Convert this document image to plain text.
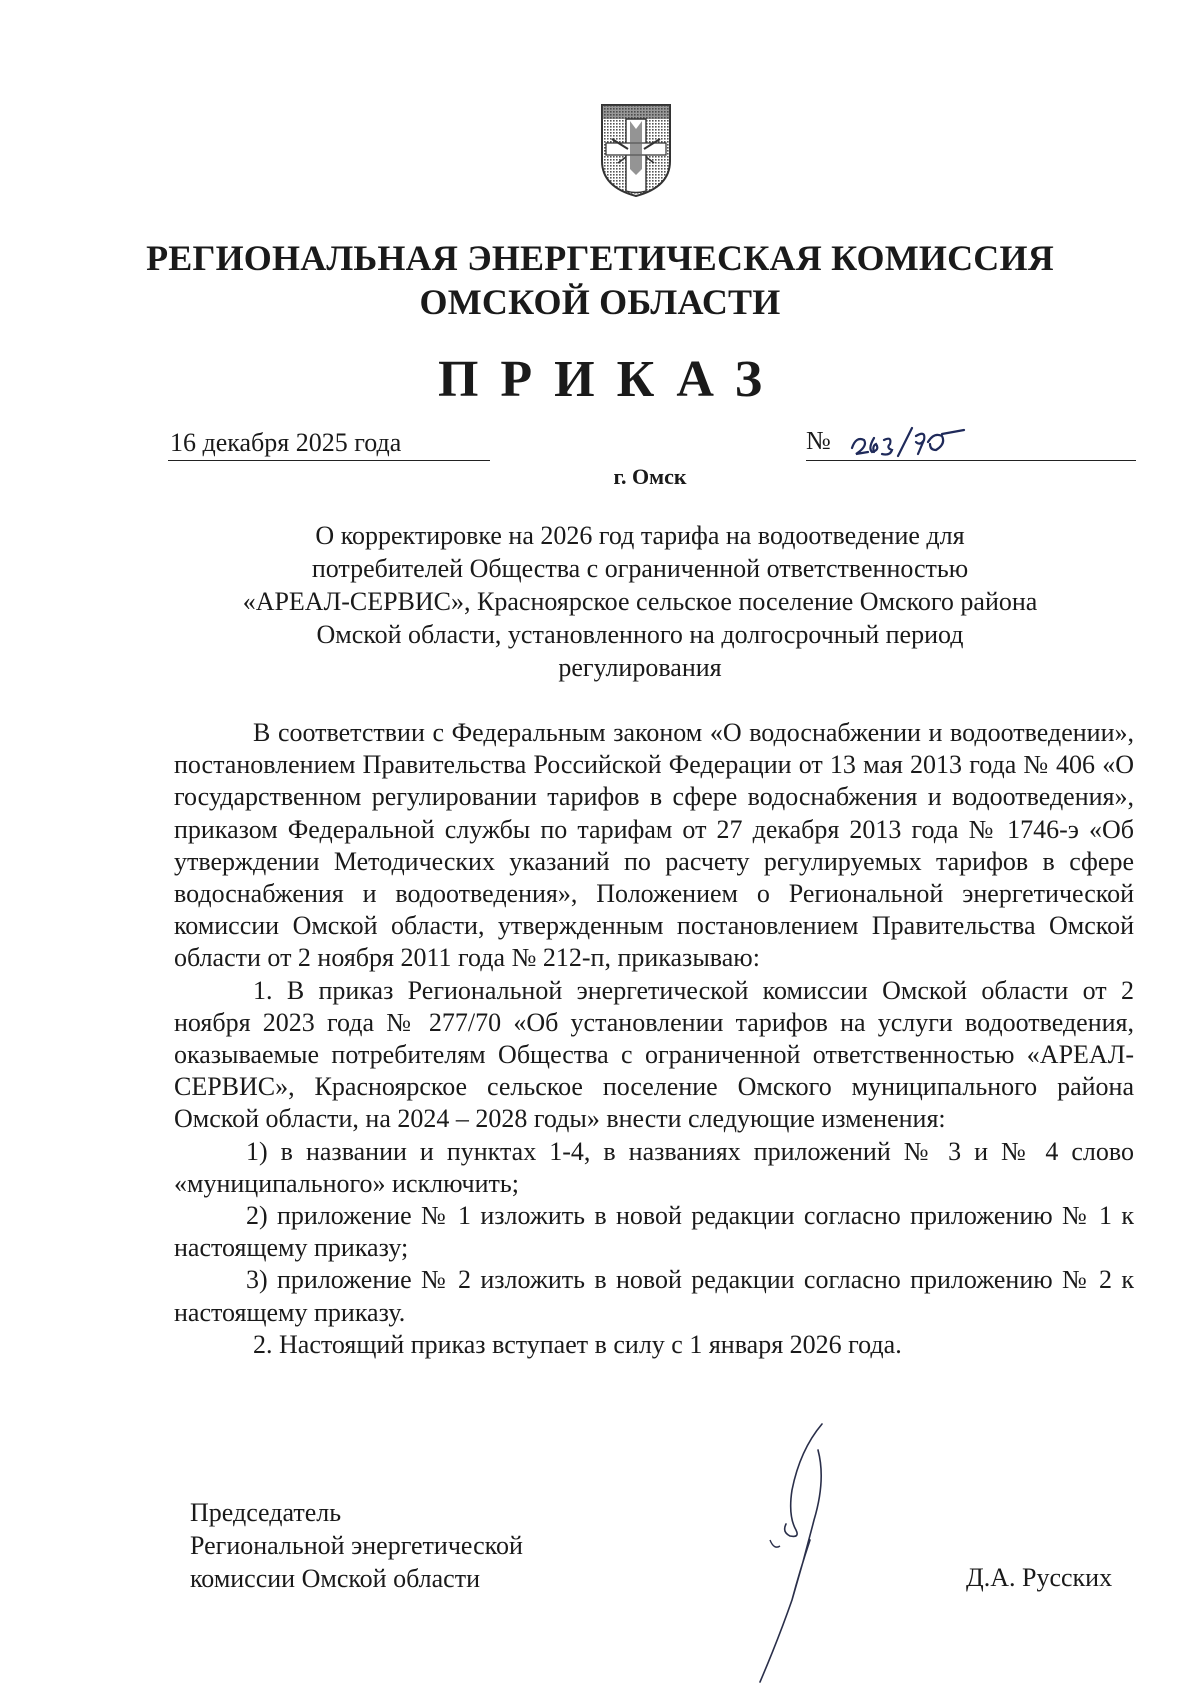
РЕГИОНАЛЬНАЯ ЭНЕРГЕТИЧЕСКАЯ КОМИССИЯ
ОМСКОЙ ОБЛАСТИ
ПРИКАЗ
16 декабря 2025 года	№
г. Омск
О корректировке на 2026 год тарифа на водоотведение для
потребителей Общества с ограниченной ответственностью
«АРЕАЛ-СЕРВИС», Красноярское сельское поселение Омского района
Омской области, установленного на долгосрочный период
регулирования

В соответствии с Федеральным законом «О водоснабжении и водоотведении», постановлением Правительства Российской Федерации от 13 мая 2013 года № 406 «О государственном регулировании тарифов в сфере водоснабжения и водоотведения», приказом Федеральной службы по тарифам от 27 декабря 2013 года № 1746-э «Об утверждении Методических указаний по расчету регулируемых тарифов в сфере водоснабжения и водоотведения», Положением о Региональной энергетической комиссии Омской области, утвержденным постановлением Правительства Омской области от 2 ноября 2011 года № 212-п, приказываю:

1. В приказ Региональной энергетической комиссии Омской области от 2 ноября 2023 года № 277/70 «Об установлении тарифов на услуги водоотведения, оказываемые потребителям Общества с ограниченной ответственностью «АРЕАЛ-СЕРВИС», Красноярское сельское поселение Омского муниципального района Омской области, на 2024 – 2028 годы» внести следующие изменения:

1) в названии и пунктах 1-4, в названиях приложений № 3 и № 4 слово «муниципального» исключить;

2) приложение № 1 изложить в новой редакции согласно приложению № 1 к настоящему приказу;

3) приложение № 2 изложить в новой редакции согласно приложению № 2 к настоящему приказу.

2. Настоящий приказ вступает в силу с 1 января 2026 года.

Председатель
Региональной энергетической
комиссии Омской области	Д.А. Русских
